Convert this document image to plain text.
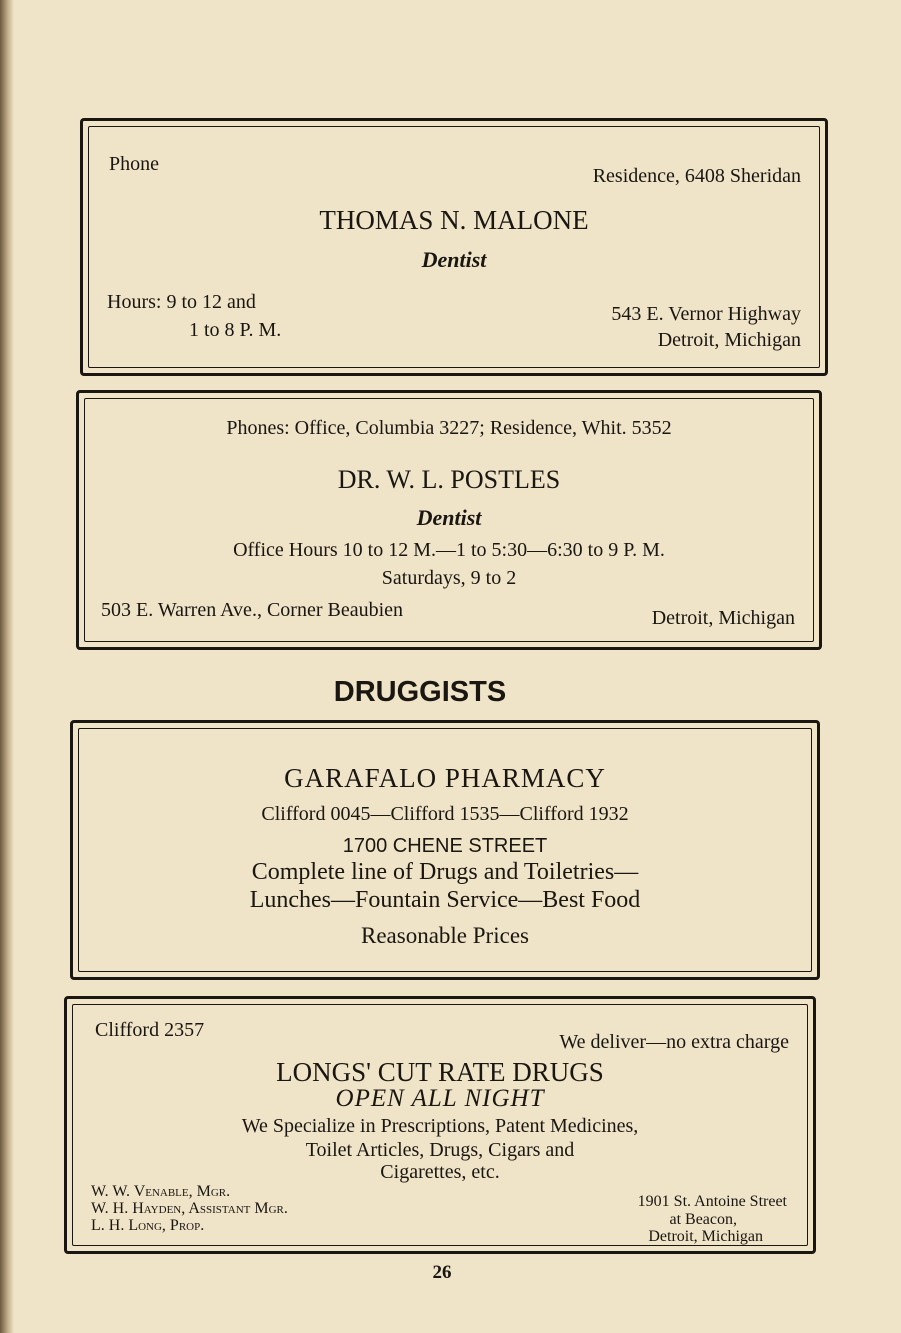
Phone
Residence, 6408 Sheridan
THOMAS N. MALONE
Dentist
Hours: 9 to 12 and
1 to 8 P. M.
543 E. Vernor Highway
Detroit, Michigan
Phones: Office, Columbia 3227; Residence, Whit. 5352
DR. W. L. POSTLES
Dentist
Office Hours 10 to 12 M.—1 to 5:30—6:30 to 9 P. M.
Saturdays, 9 to 2
503 E. Warren Ave., Corner Beaubien	Detroit, Michigan
DRUGGISTS
GARAFALO PHARMACY
Clifford 0045—Clifford 1535—Clifford 1932
1700 CHENE STREET
Complete line of Drugs and Toiletries—
Lunches—Fountain Service—Best Food
Reasonable Prices
Clifford 2357
We deliver—no extra charge
LONGS' CUT RATE DRUGS
OPEN ALL NIGHT
We Specialize in Prescriptions, Patent Medicines,
Toilet Articles, Drugs, Cigars and
Cigarettes, etc.
W. W. Venable, Mgr.
W. H. Hayden, Assistant Mgr.
L. H. Long, Prop.
1901 St. Antoine Street
at Beacon,
Detroit, Michigan
26
